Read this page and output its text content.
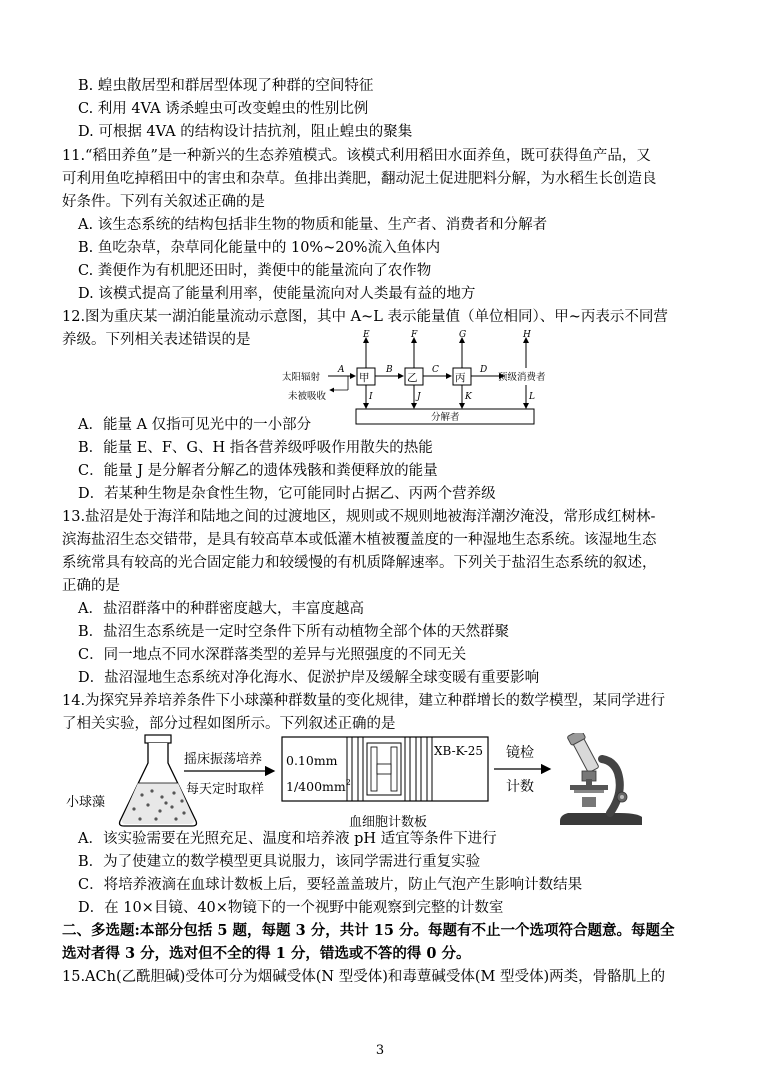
B. 蝗虫散居型和群居型体现了种群的空间特征
C. 利用 4VA 诱杀蝗虫可改变蝗虫的性别比例
D. 可根据 4VA 的结构设计拮抗剂，阻止蝗虫的聚集
11.“稻田养鱼”是一种新兴的生态养殖模式。该模式利用稻田水面养鱼，既可获得鱼产品，又
可利用鱼吃掉稻田中的害虫和杂草。鱼排出粪肥，翻动泥土促进肥料分解，为水稻生长创造良
好条件。下列有关叙述正确的是
A. 该生态系统的结构包括非生物的物质和能量、生产者、消费者和分解者
B. 鱼吃杂草，杂草同化能量中的 10%~20%流入鱼体内
C. 粪便作为有机肥还田时，粪便中的能量流向了农作物
D. 该模式提高了能量利用率，使能量流向对人类最有益的地方
12.图为重庆某一湖泊能量流动示意图，其中 A~L 表示能量值（单位相同）、甲~丙表示不同营
养级。下列相关表述错误的是
太阳辐射
未被吸收
A
甲
B
乙
C
丙
D
顶级消费者
E	F	G	H
I	J	K	L
分解者
A．能量 A 仅指可见光中的一小部分
B．能量 E、F、G、H 指各营养级呼吸作用散失的热能
C．能量 J 是分解者分解乙的遗体残骸和粪便释放的能量
D．若某种生物是杂食性生物，它可能同时占据乙、丙两个营养级
13.盐沼是处于海洋和陆地之间的过渡地区，规则或不规则地被海洋潮汐淹没，常形成红树林-
滨海盐沼生态交错带，是具有较高草本或低灌木植被覆盖度的一种湿地生态系统。该湿地生态
系统常具有较高的光合固定能力和较缓慢的有机质降解速率。下列关于盐沼生态系统的叙述，
正确的是
A．盐沼群落中的种群密度越大，丰富度越高
B．盐沼生态系统是一定时空条件下所有动植物全部个体的天然群聚
C．同一地点不同水深群落类型的差异与光照强度的不同无关
D．盐沼湿地生态系统对净化海水、促淤护岸及缓解全球变暖有重要影响
14.为探究异养培养条件下小球藻种群数量的变化规律，建立种群增长的数学模型，某同学进行
了相关实验，部分过程如图所示。下列叙述正确的是
小球藻
摇床振荡培养
每天定时取样
0.10mm
$1/400mm^2$
XB-K-25
血细胞计数板
镜检
计数
A．该实验需要在光照充足、温度和培养液 pH 适宜等条件下进行
B．为了使建立的数学模型更具说服力，该同学需进行重复实验
C．将培养液滴在血球计数板上后，要轻盖盖玻片，防止气泡产生影响计数结果
D．在 10×目镜、40×物镜下的一个视野中能观察到完整的计数室
二、多选题:本部分包括 5 题，每题 3 分，共计 15 分。每题有不止一个选项符合题意。每题全
选对者得 3 分，选对但不全的得 1 分，错选或不答的得 0 分。
15.ACh(乙酰胆碱)受体可分为烟碱受体(N 型受体)和毒蕈碱受体(M 型受体)两类，骨骼肌上的
3
